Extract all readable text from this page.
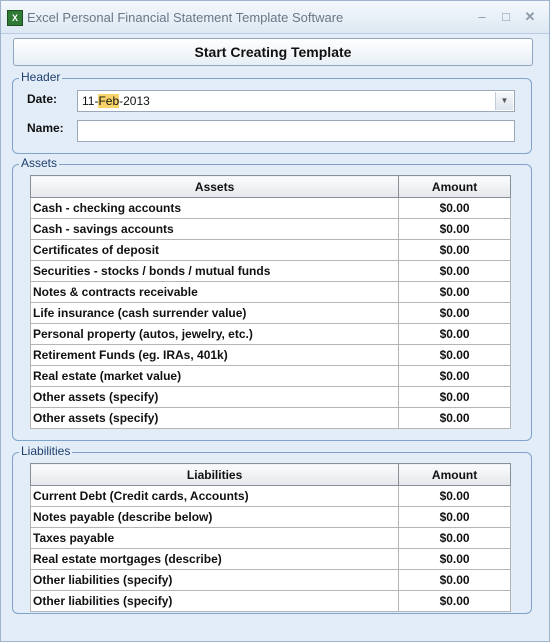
X Excel Personal Financial Statement Template Software	–	□	✕
Start Creating Template
Header
Date: 11-Feb-2013	▼
Name:
Assets
Assets	Amount
Cash - checking accounts	$0.00
Cash - savings accounts	$0.00
Certificates of deposit	$0.00
Securities - stocks / bonds / mutual funds	$0.00
Notes & contracts receivable	$0.00
Life insurance (cash surrender value)	$0.00
Personal property (autos, jewelry, etc.)	$0.00
Retirement Funds (eg. IRAs, 401k)	$0.00
Real estate (market value)	$0.00
Other assets (specify)	$0.00
Other assets (specify)	$0.00
Liabilities
Liabilities	Amount
Current Debt (Credit cards, Accounts)	$0.00
Notes payable (describe below)	$0.00
Taxes payable	$0.00
Real estate mortgages (describe)	$0.00
Other liabilities (specify)	$0.00
Other liabilities (specify)	$0.00
